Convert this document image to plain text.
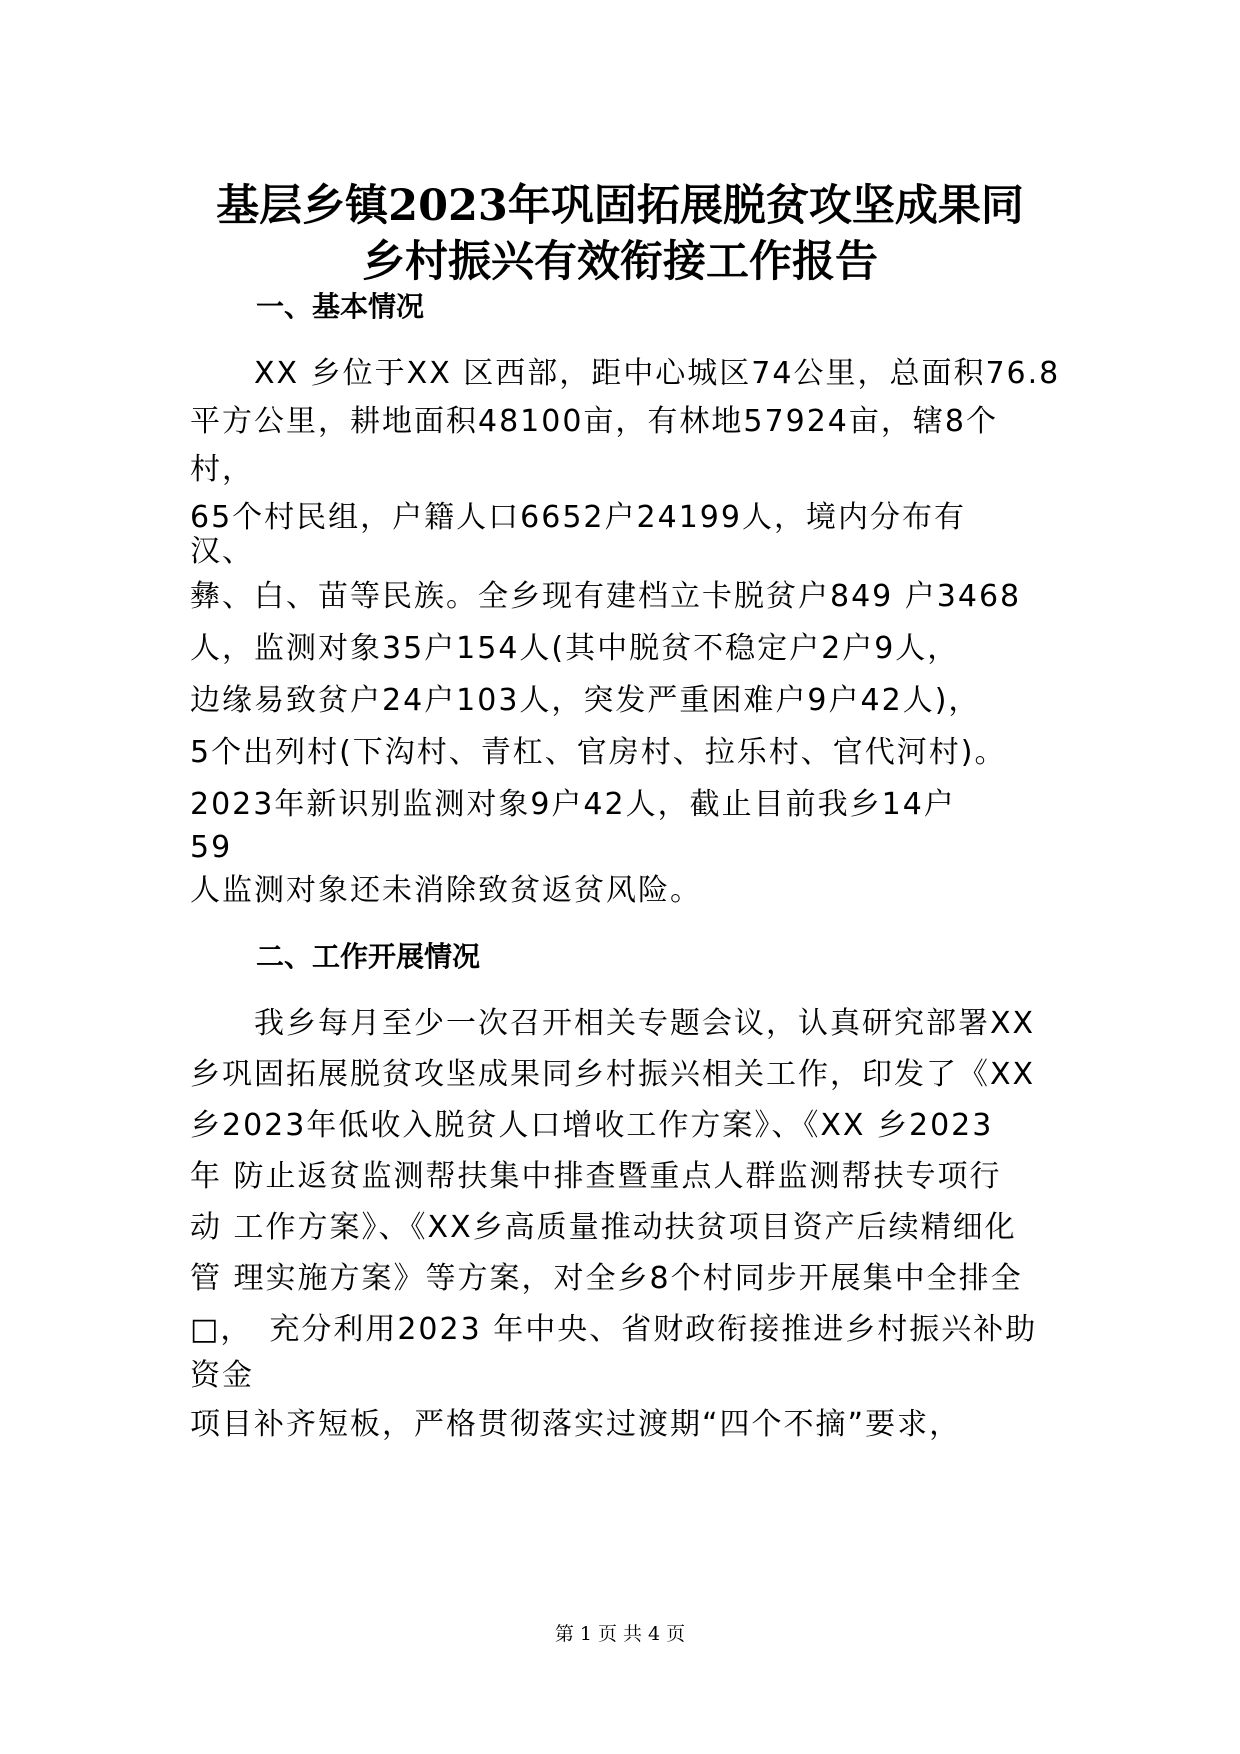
基层乡镇2023年巩固拓展脱贫攻坚成果同 乡村振兴有效衔接工作报告
一、基本情况
　　XX 乡位于XX 区西部，距中心城区74公里，总面积76.8
平方公里，耕地面积48100亩，有林地57924亩，辖8个
村，
65个村民组，户籍人口6652户24199人，境内分布有
汉、
彝、白、苗等民族。全乡现有建档立卡脱贫户849 户3468
人，监测对象35户154人(其中脱贫不稳定户2户9人，
边缘易致贫户24户103人，突发严重困难户9户42人)，
5个出列村(下沟村、青杠、官房村、拉乐村、官代河村)。
2023年新识别监测对象9户42人，截止目前我乡14户
59
人监测对象还未消除致贫返贫风险。
二、工作开展情况
　　我乡每月至少一次召开相关专题会议，认真研究部署XX
乡巩固拓展脱贫攻坚成果同乡村振兴相关工作，印发了《XX
乡2023年低收入脱贫人口增收工作方案》、《XX 乡2023
年 防止返贫监测帮扶集中排查暨重点人群监测帮扶专项行
动 工作方案》、《XX乡高质量推动扶贫项目资产后续精细化
管 理实施方案》等方案，对全乡8个村同步开展集中全排全
□，　充分利用2023 年中央、省财政衔接推进乡村振兴补助
资金
项目补齐短板，严格贯彻落实过渡期“四个不摘”要求，
第 1 页 共 4 页
